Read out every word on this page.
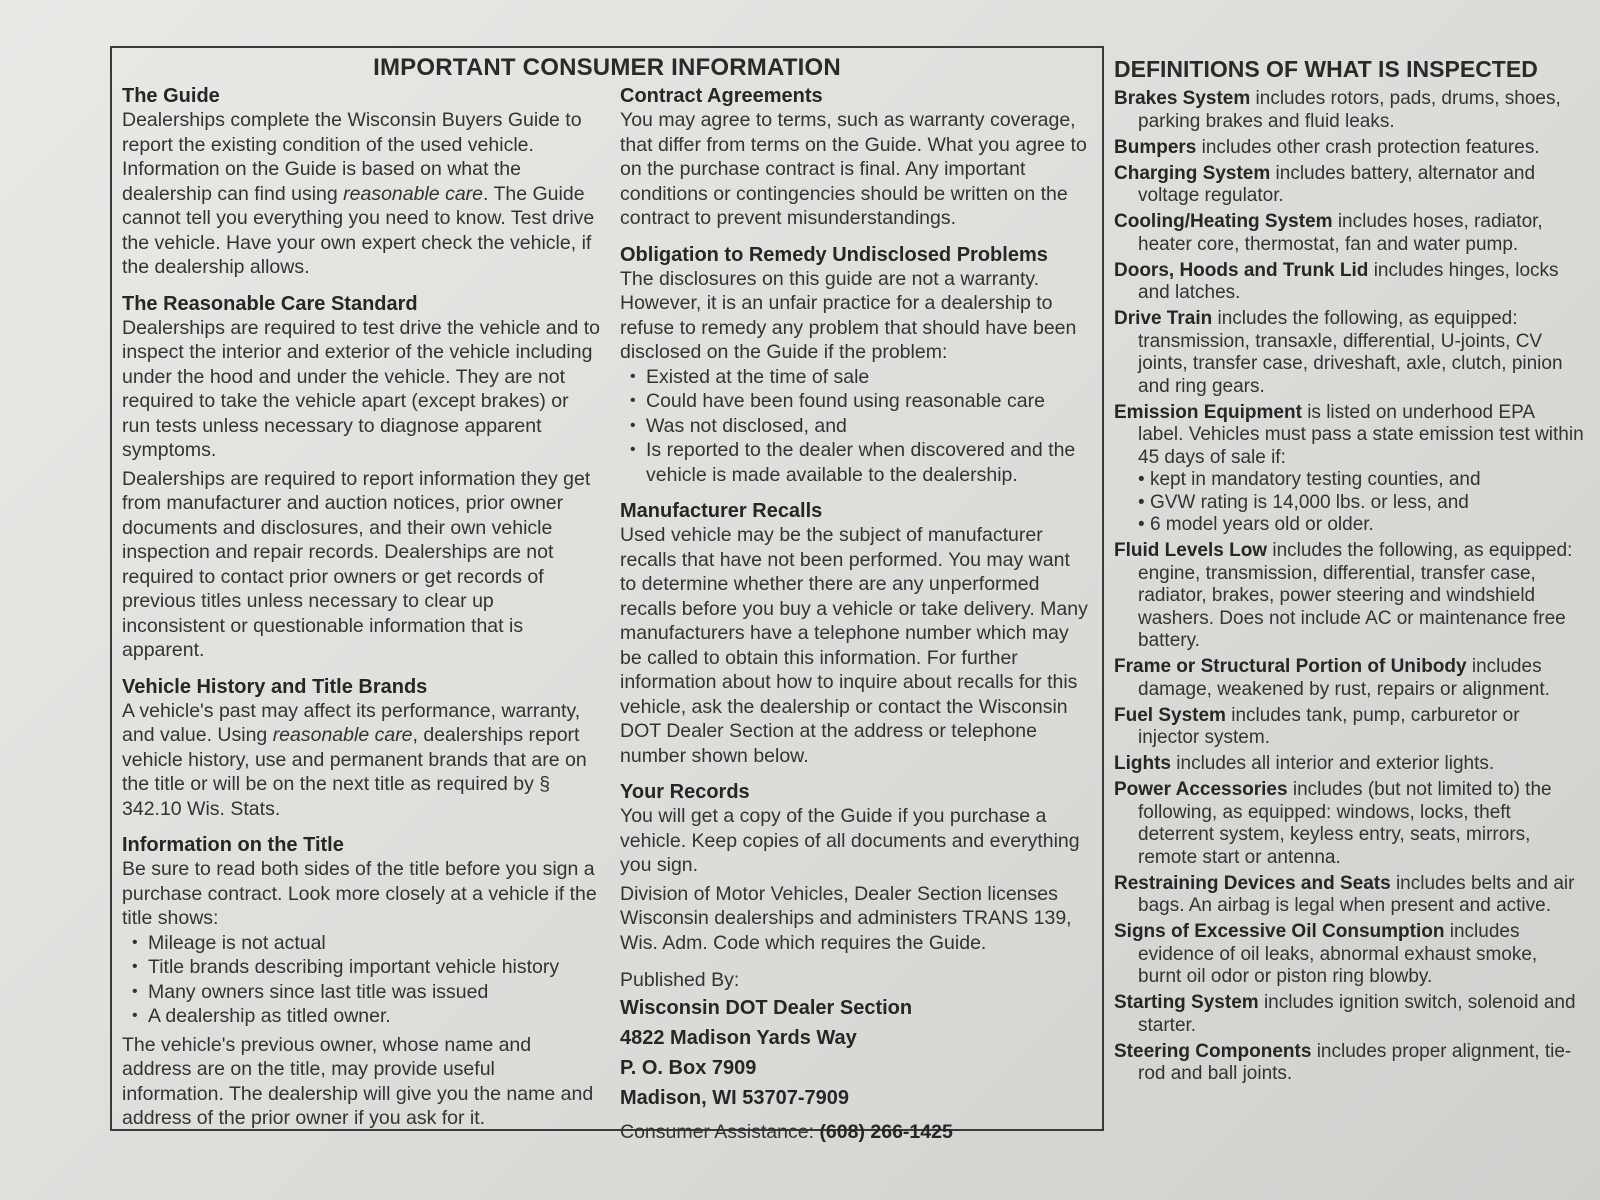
IMPORTANT CONSUMER INFORMATION
The Guide
Dealerships complete the Wisconsin Buyers Guide to report the existing condition of the used vehicle. Information on the Guide is based on what the dealership can find using reasonable care. The Guide cannot tell you everything you need to know. Test drive the vehicle. Have your own expert check the vehicle, if the dealership allows.
The Reasonable Care Standard
Dealerships are required to test drive the vehicle and to inspect the interior and exterior of the vehicle including under the hood and under the vehicle. They are not required to take the vehicle apart (except brakes) or run tests unless necessary to diagnose apparent symptoms.
Dealerships are required to report information they get from manufacturer and auction notices, prior owner documents and disclosures, and their own vehicle inspection and repair records. Dealerships are not required to contact prior owners or get records of previous titles unless necessary to clear up inconsistent or questionable information that is apparent.
Vehicle History and Title Brands
A vehicle's past may affect its performance, warranty, and value. Using reasonable care, dealerships report vehicle history, use and permanent brands that are on the title or will be on the next title as required by § 342.10 Wis. Stats.
Information on the Title
Be sure to read both sides of the title before you sign a purchase contract. Look more closely at a vehicle if the title shows:
• Mileage is not actual
• Title brands describing important vehicle history
• Many owners since last title was issued
• A dealership as titled owner.
The vehicle's previous owner, whose name and address are on the title, may provide useful information. The dealership will give you the name and address of the prior owner if you ask for it.
Contract Agreements
You may agree to terms, such as warranty coverage, that differ from terms on the Guide. What you agree to on the purchase contract is final. Any important conditions or contingencies should be written on the contract to prevent misunderstandings.
Obligation to Remedy Undisclosed Problems
The disclosures on this guide are not a warranty. However, it is an unfair practice for a dealership to refuse to remedy any problem that should have been disclosed on the Guide if the problem:
• Existed at the time of sale
• Could have been found using reasonable care
• Was not disclosed, and
• Is reported to the dealer when discovered and the vehicle is made available to the dealership.
Manufacturer Recalls
Used vehicle may be the subject of manufacturer recalls that have not been performed. You may want to determine whether there are any unperformed recalls before you buy a vehicle or take delivery. Many manufacturers have a telephone number which may be called to obtain this information. For further information about how to inquire about recalls for this vehicle, ask the dealership or contact the Wisconsin DOT Dealer Section at the address or telephone number shown below.
Your Records
You will get a copy of the Guide if you purchase a vehicle. Keep copies of all documents and everything you sign.
Division of Motor Vehicles, Dealer Section licenses Wisconsin dealerships and administers TRANS 139, Wis. Adm. Code which requires the Guide.
Published By:
Wisconsin DOT Dealer Section
4822 Madison Yards Way
P. O. Box 7909
Madison, WI 53707-7909
Consumer Assistance: (608) 266-1425
DEFINITIONS OF WHAT IS INSPECTED
Brakes System includes rotors, pads, drums, shoes, parking brakes and fluid leaks.
Bumpers includes other crash protection features.
Charging System includes battery, alternator and voltage regulator.
Cooling/Heating System includes hoses, radiator, heater core, thermostat, fan and water pump.
Doors, Hoods and Trunk Lid includes hinges, locks and latches.
Drive Train includes the following, as equipped: transmission, transaxle, differential, U-joints, CV joints, transfer case, driveshaft, axle, clutch, pinion and ring gears.
Emission Equipment is listed on underhood EPA label. Vehicles must pass a state emission test within 45 days of sale if:
• kept in mandatory testing counties, and
• GVW rating is 14,000 lbs. or less, and
• 6 model years old or older.
Fluid Levels Low includes the following, as equipped: engine, transmission, differential, transfer case, radiator, brakes, power steering and windshield washers. Does not include AC or maintenance free battery.
Frame or Structural Portion of Unibody includes damage, weakened by rust, repairs or alignment.
Fuel System includes tank, pump, carburetor or injector system.
Lights includes all interior and exterior lights.
Power Accessories includes (but not limited to) the following, as equipped: windows, locks, theft deterrent system, keyless entry, seats, mirrors, remote start or antenna.
Restraining Devices and Seats includes belts and air bags. An airbag is legal when present and active.
Signs of Excessive Oil Consumption includes evidence of oil leaks, abnormal exhaust smoke, burnt oil odor or piston ring blowby.
Starting System includes ignition switch, solenoid and starter.
Steering Components includes proper alignment, tie-rod and ball joints.
